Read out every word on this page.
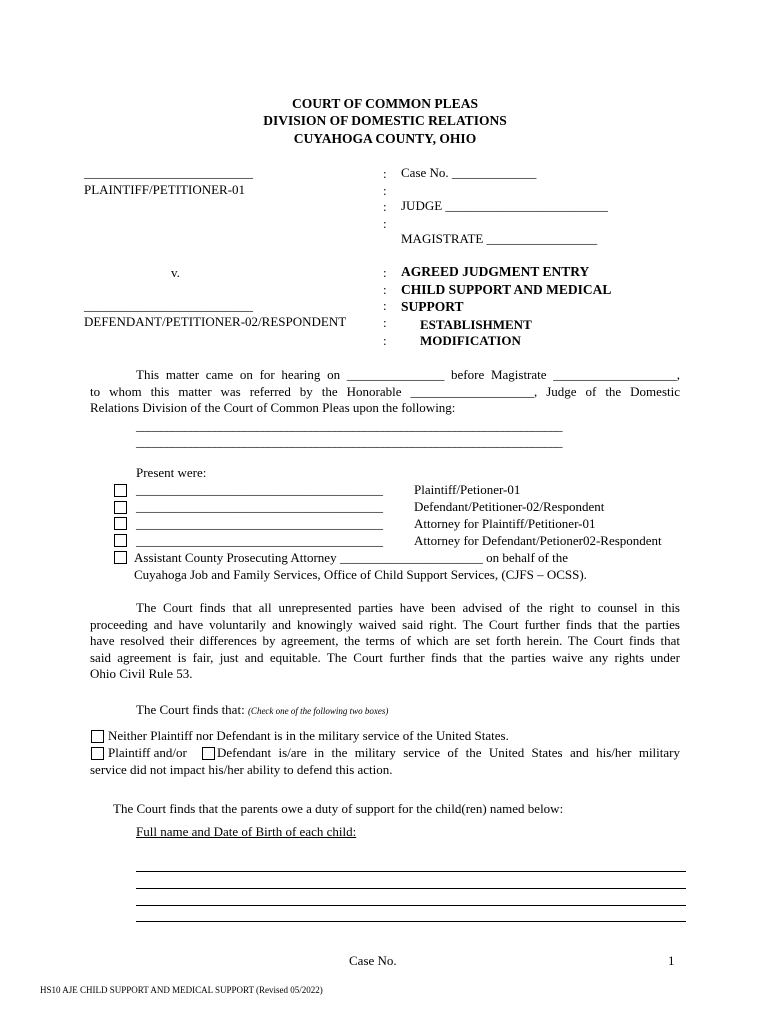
COURT OF COMMON PLEAS
DIVISION OF DOMESTIC RELATIONS
CUYAHOGA COUNTY, OHIO
__________________________
PLAINTIFF/PETITIONER-01
v.
__________________________
DEFENDANT/PETITIONER-02/RESPONDENT
:
:
:
:
:
:
:
:
:
Case No. _____________
JUDGE _________________________
MAGISTRATE _________________
AGREED JUDGMENT ENTRY
CHILD SUPPORT AND MEDICAL
SUPPORT
ESTABLISHMENT
MODIFICATION
This matter came on for hearing on _______________ before Magistrate ___________________,
to whom this matter was referred by the Honorable ___________________, Judge of the Domestic
Relations Division of the Court of Common Pleas upon the following:
_______________________________________________________________________
_______________________________________________________________________
Present were:
______________________________________ Plaintiff/Petioner-01
______________________________________ Defendant/Petitioner-02/Respondent
______________________________________ Attorney for Plaintiff/Petitioner-01
______________________________________ Attorney for Defendant/Petioner02-Respondent
Assistant County Prosecuting Attorney ______________________ on behalf of the
Cuyahoga Job and Family Services, Office of Child Support Services, (CJFS – OCSS).
The Court finds that all unrepresented parties have been advised of the right to counsel in this
proceeding and have voluntarily and knowingly waived said right. The Court further finds that the parties
have resolved their differences by agreement, the terms of which are set forth herein. The Court finds that
said agreement is fair, just and equitable. The Court further finds that the parties waive any rights under
Ohio Civil Rule 53.
The Court finds that: (Check one of the following two boxes)
Neither Plaintiff nor Defendant is in the military service of the United States.
Plaintiff and/or Defendant is/are in the military service of the United States and his/her military
service did not impact his/her ability to defend this action.
The Court finds that the parents owe a duty of support for the child(ren) named below:
Full name and Date of Birth of each child:
Case No.	1
HS10 AJE CHILD SUPPORT AND MEDICAL SUPPORT (Revised 05/2022)
